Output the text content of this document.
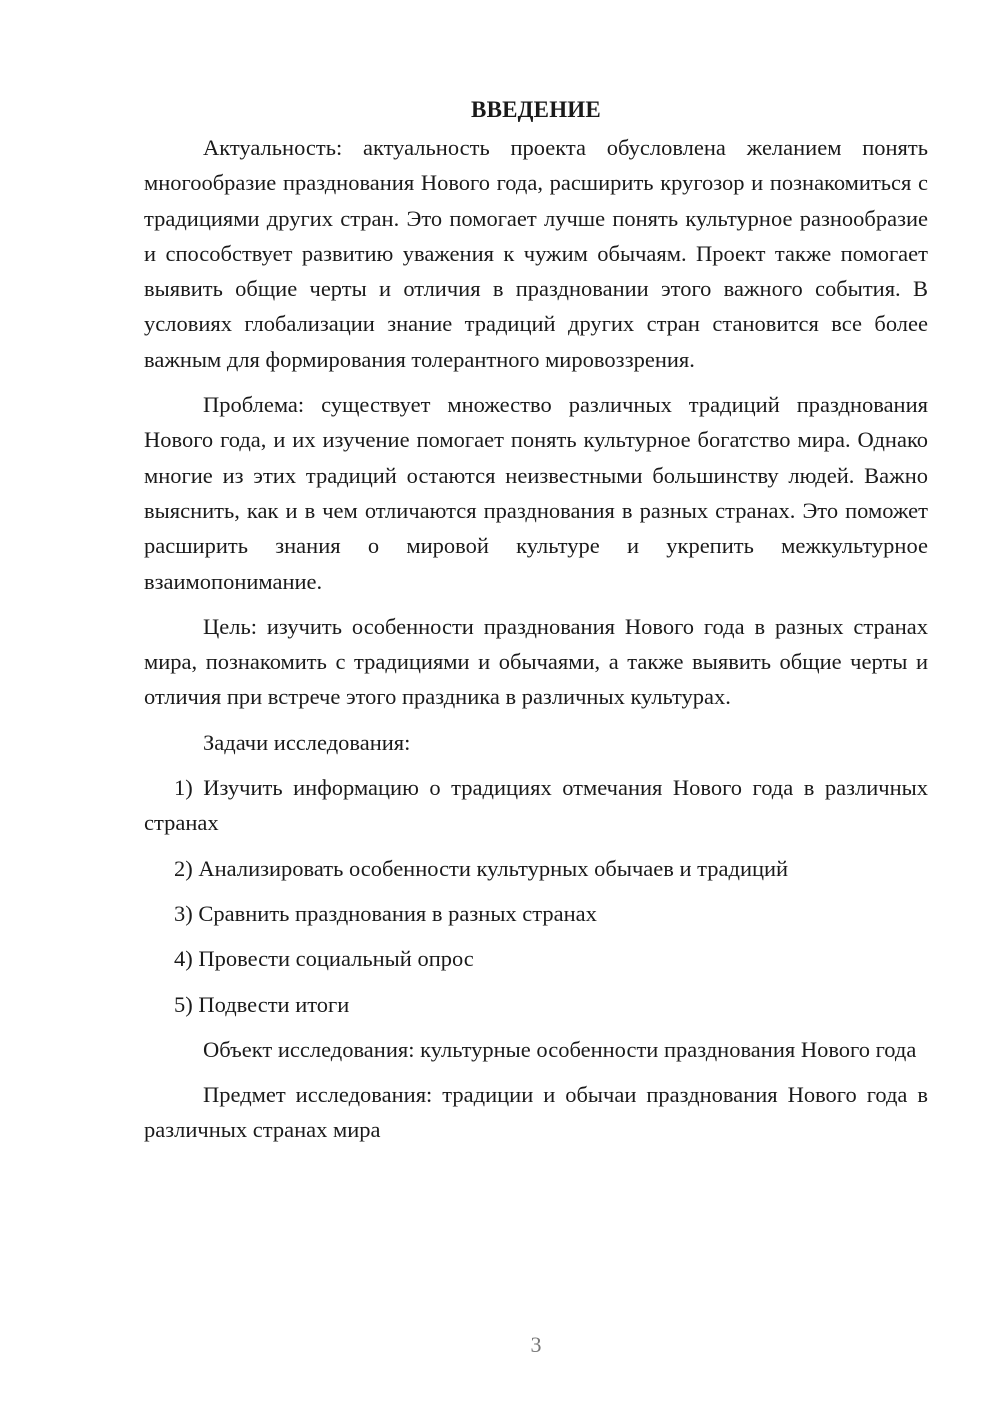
ВВЕДЕНИЕ

Актуальность: актуальность проекта обусловлена желанием понять многообразие празднования Нового года, расширить кругозор и познакомиться с традициями других стран. Это помогает лучше понять культурное разнообразие и способствует развитию уважения к чужим обычаям. Проект также помогает выявить общие черты и отличия в праздновании этого важного события. В условиях глобализации знание традиций других стран становится все более важным для формирования толерантного мировоззрения.

Проблема: существует множество различных традиций празднования Нового года, и их изучение помогает понять культурное богатство мира. Однако многие из этих традиций остаются неизвестными большинству людей. Важно выяснить, как и в чем отличаются празднования в разных странах. Это поможет расширить знания о мировой культуре и укрепить межкультурное взаимопонимание.

Цель: изучить особенности празднования Нового года в разных странах мира, познакомить с традициями и обычаями, а также выявить общие черты и отличия при встрече этого праздника в различных культурах.

Задачи исследования:

1) Изучить информацию о традициях отмечания Нового года в различных странах

2) Анализировать особенности культурных обычаев и традиций

3) Сравнить празднования в разных странах

4) Провести социальный опрос

5) Подвести итоги

Объект исследования: культурные особенности празднования Нового года

Предмет исследования: традиции и обычаи празднования Нового года в различных странах мира

3
